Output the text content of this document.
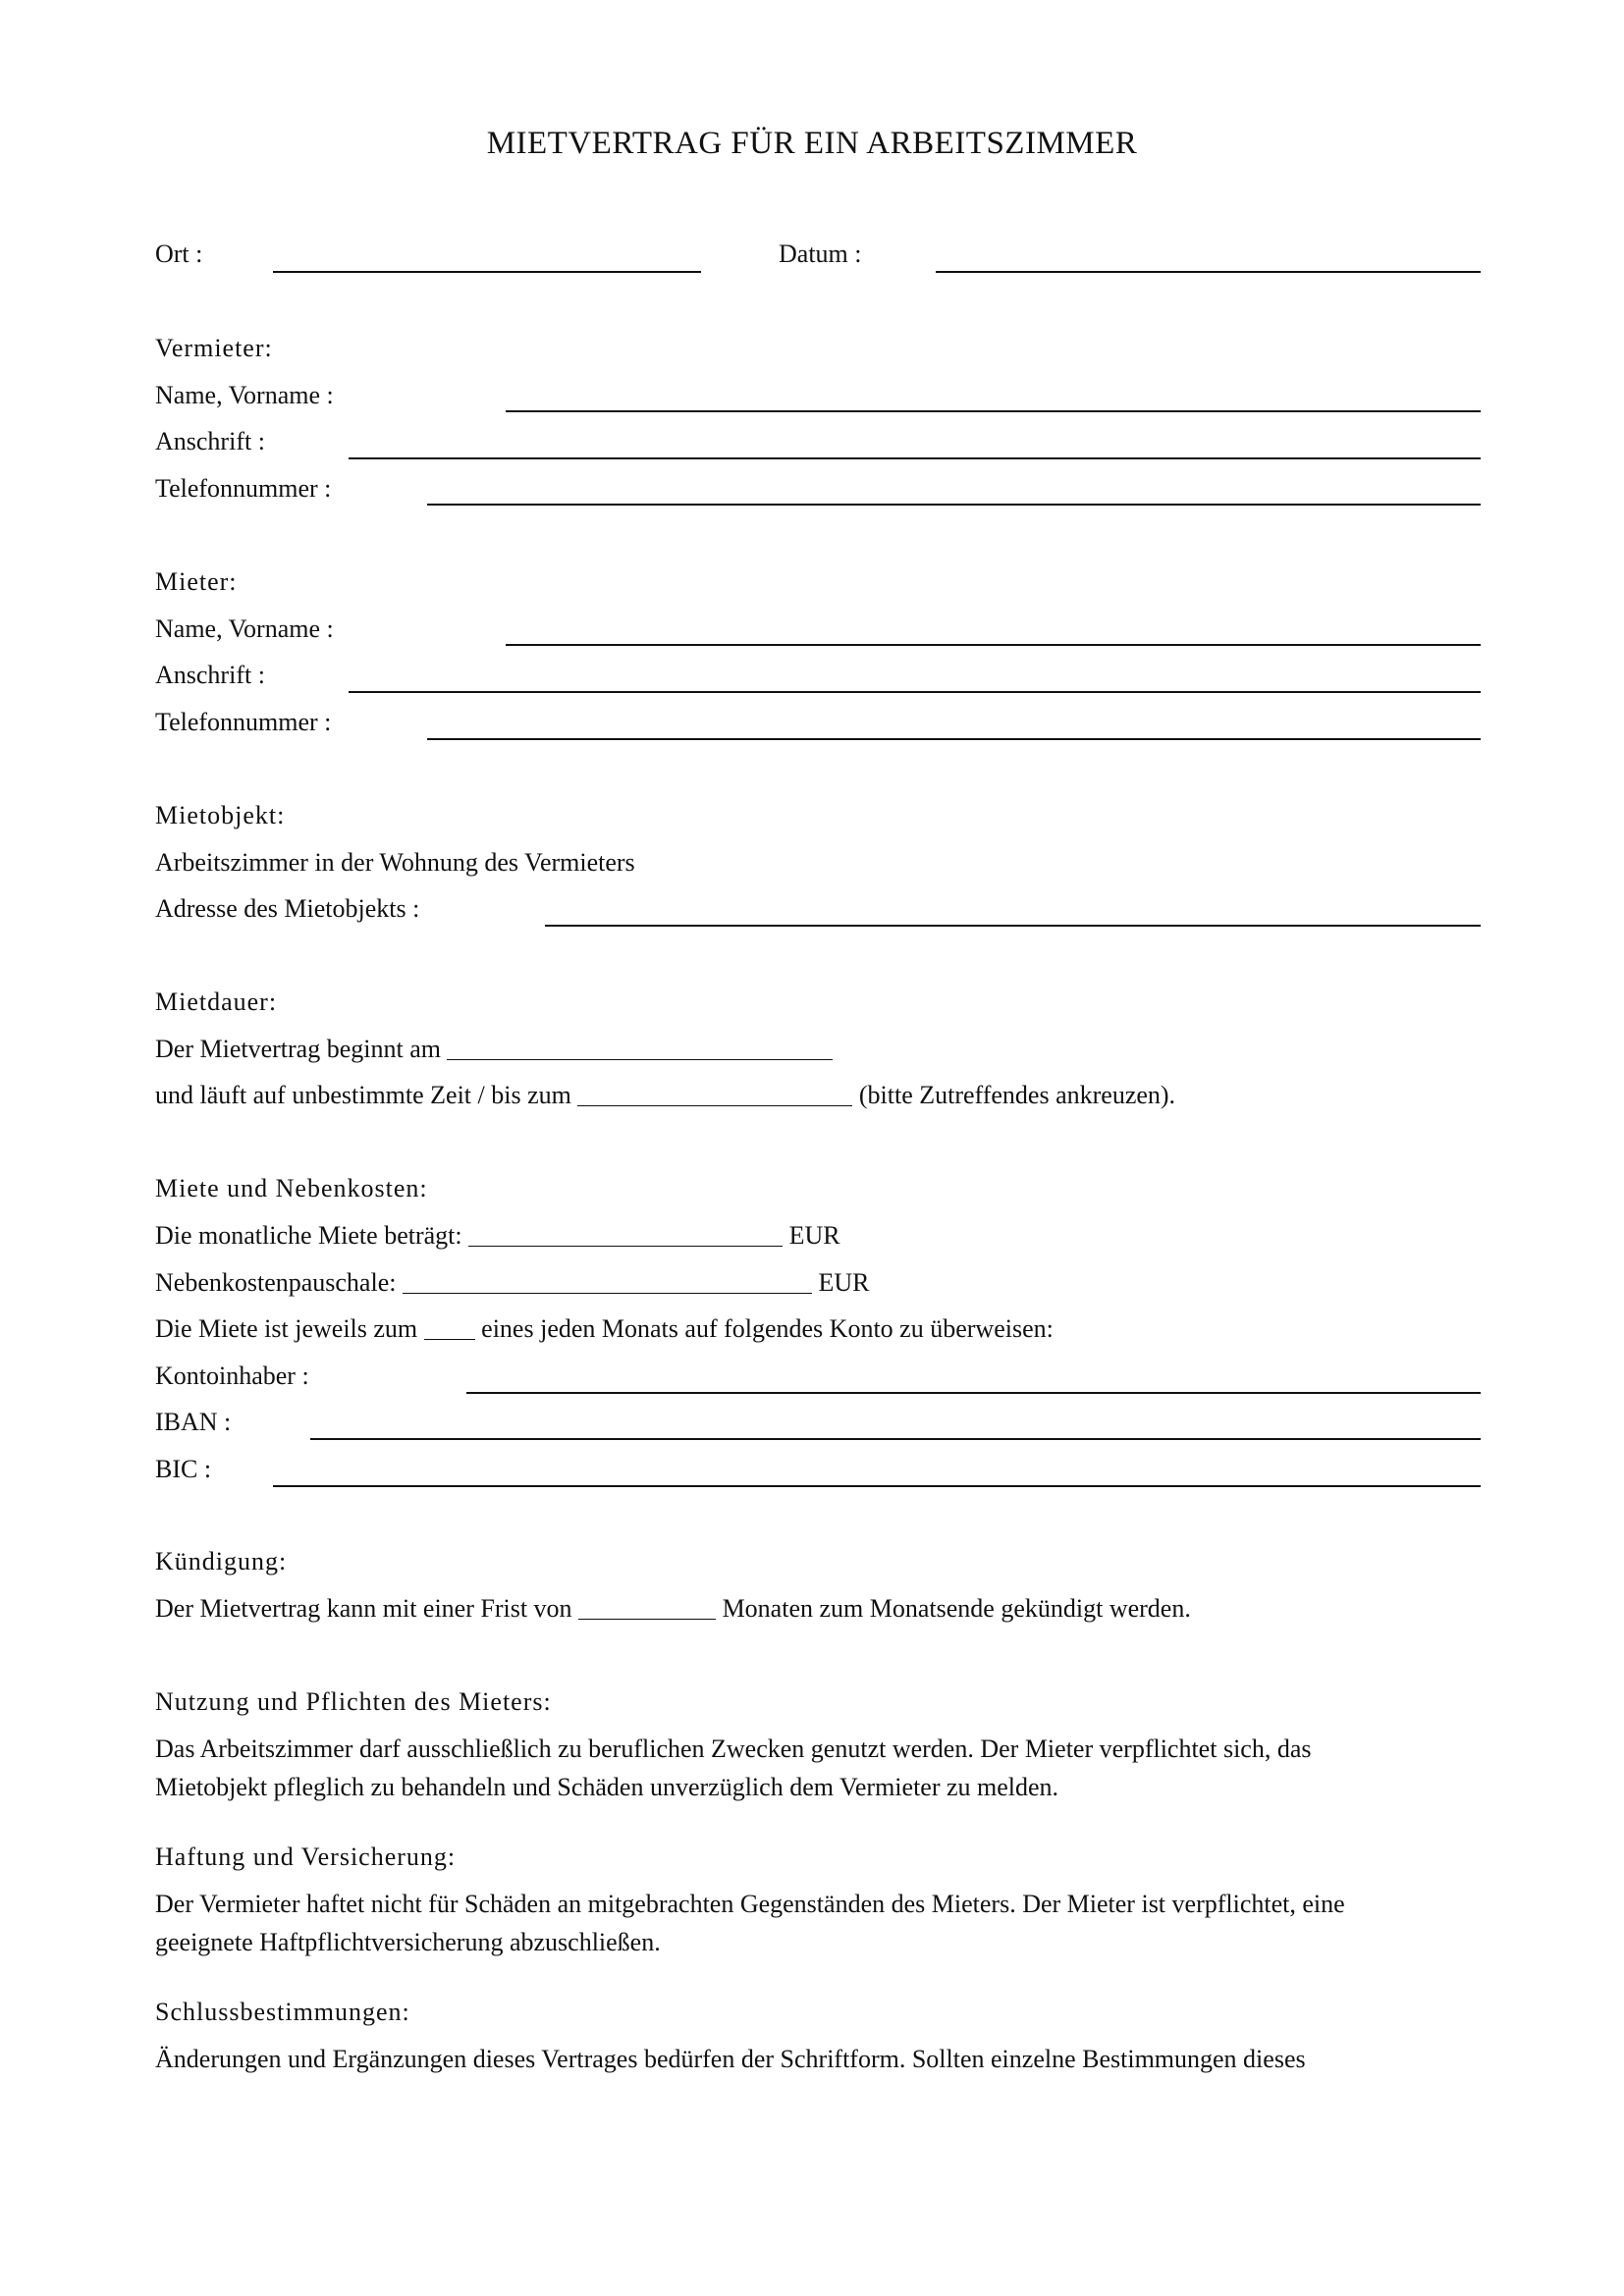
MIETVERTRAG FÜR EIN ARBEITSZIMMER
Ort :	Datum :
Vermieter:
Name, Vorname :
Anschrift :
Telefonnummer :
Mieter:
Name, Vorname :
Anschrift :
Telefonnummer :
Mietobjekt:
Arbeitszimmer in der Wohnung des Vermieters
Adresse des Mietobjekts :
Mietdauer:
Der Mietvertrag beginnt am
und läuft auf unbestimmte Zeit / bis zum	(bitte Zutreffendes ankreuzen).
Miete und Nebenkosten:
Die monatliche Miete beträgt:	EUR
Nebenkostenpauschale:	EUR
Die Miete ist jeweils zum	eines jeden Monats auf folgendes Konto zu überweisen:
Kontoinhaber :
IBAN :
BIC :
Kündigung:
Der Mietvertrag kann mit einer Frist von	Monaten zum Monatsende gekündigt werden.
Nutzung und Pflichten des Mieters:
Das Arbeitszimmer darf ausschließlich zu beruflichen Zwecken genutzt werden. Der Mieter verpflichtet sich, das
Mietobjekt pfleglich zu behandeln und Schäden unverzüglich dem Vermieter zu melden.
Haftung und Versicherung:
Der Vermieter haftet nicht für Schäden an mitgebrachten Gegenständen des Mieters. Der Mieter ist verpflichtet, eine
geeignete Haftpflichtversicherung abzuschließen.
Schlussbestimmungen:
Änderungen und Ergänzungen dieses Vertrages bedürfen der Schriftform. Sollten einzelne Bestimmungen dieses
